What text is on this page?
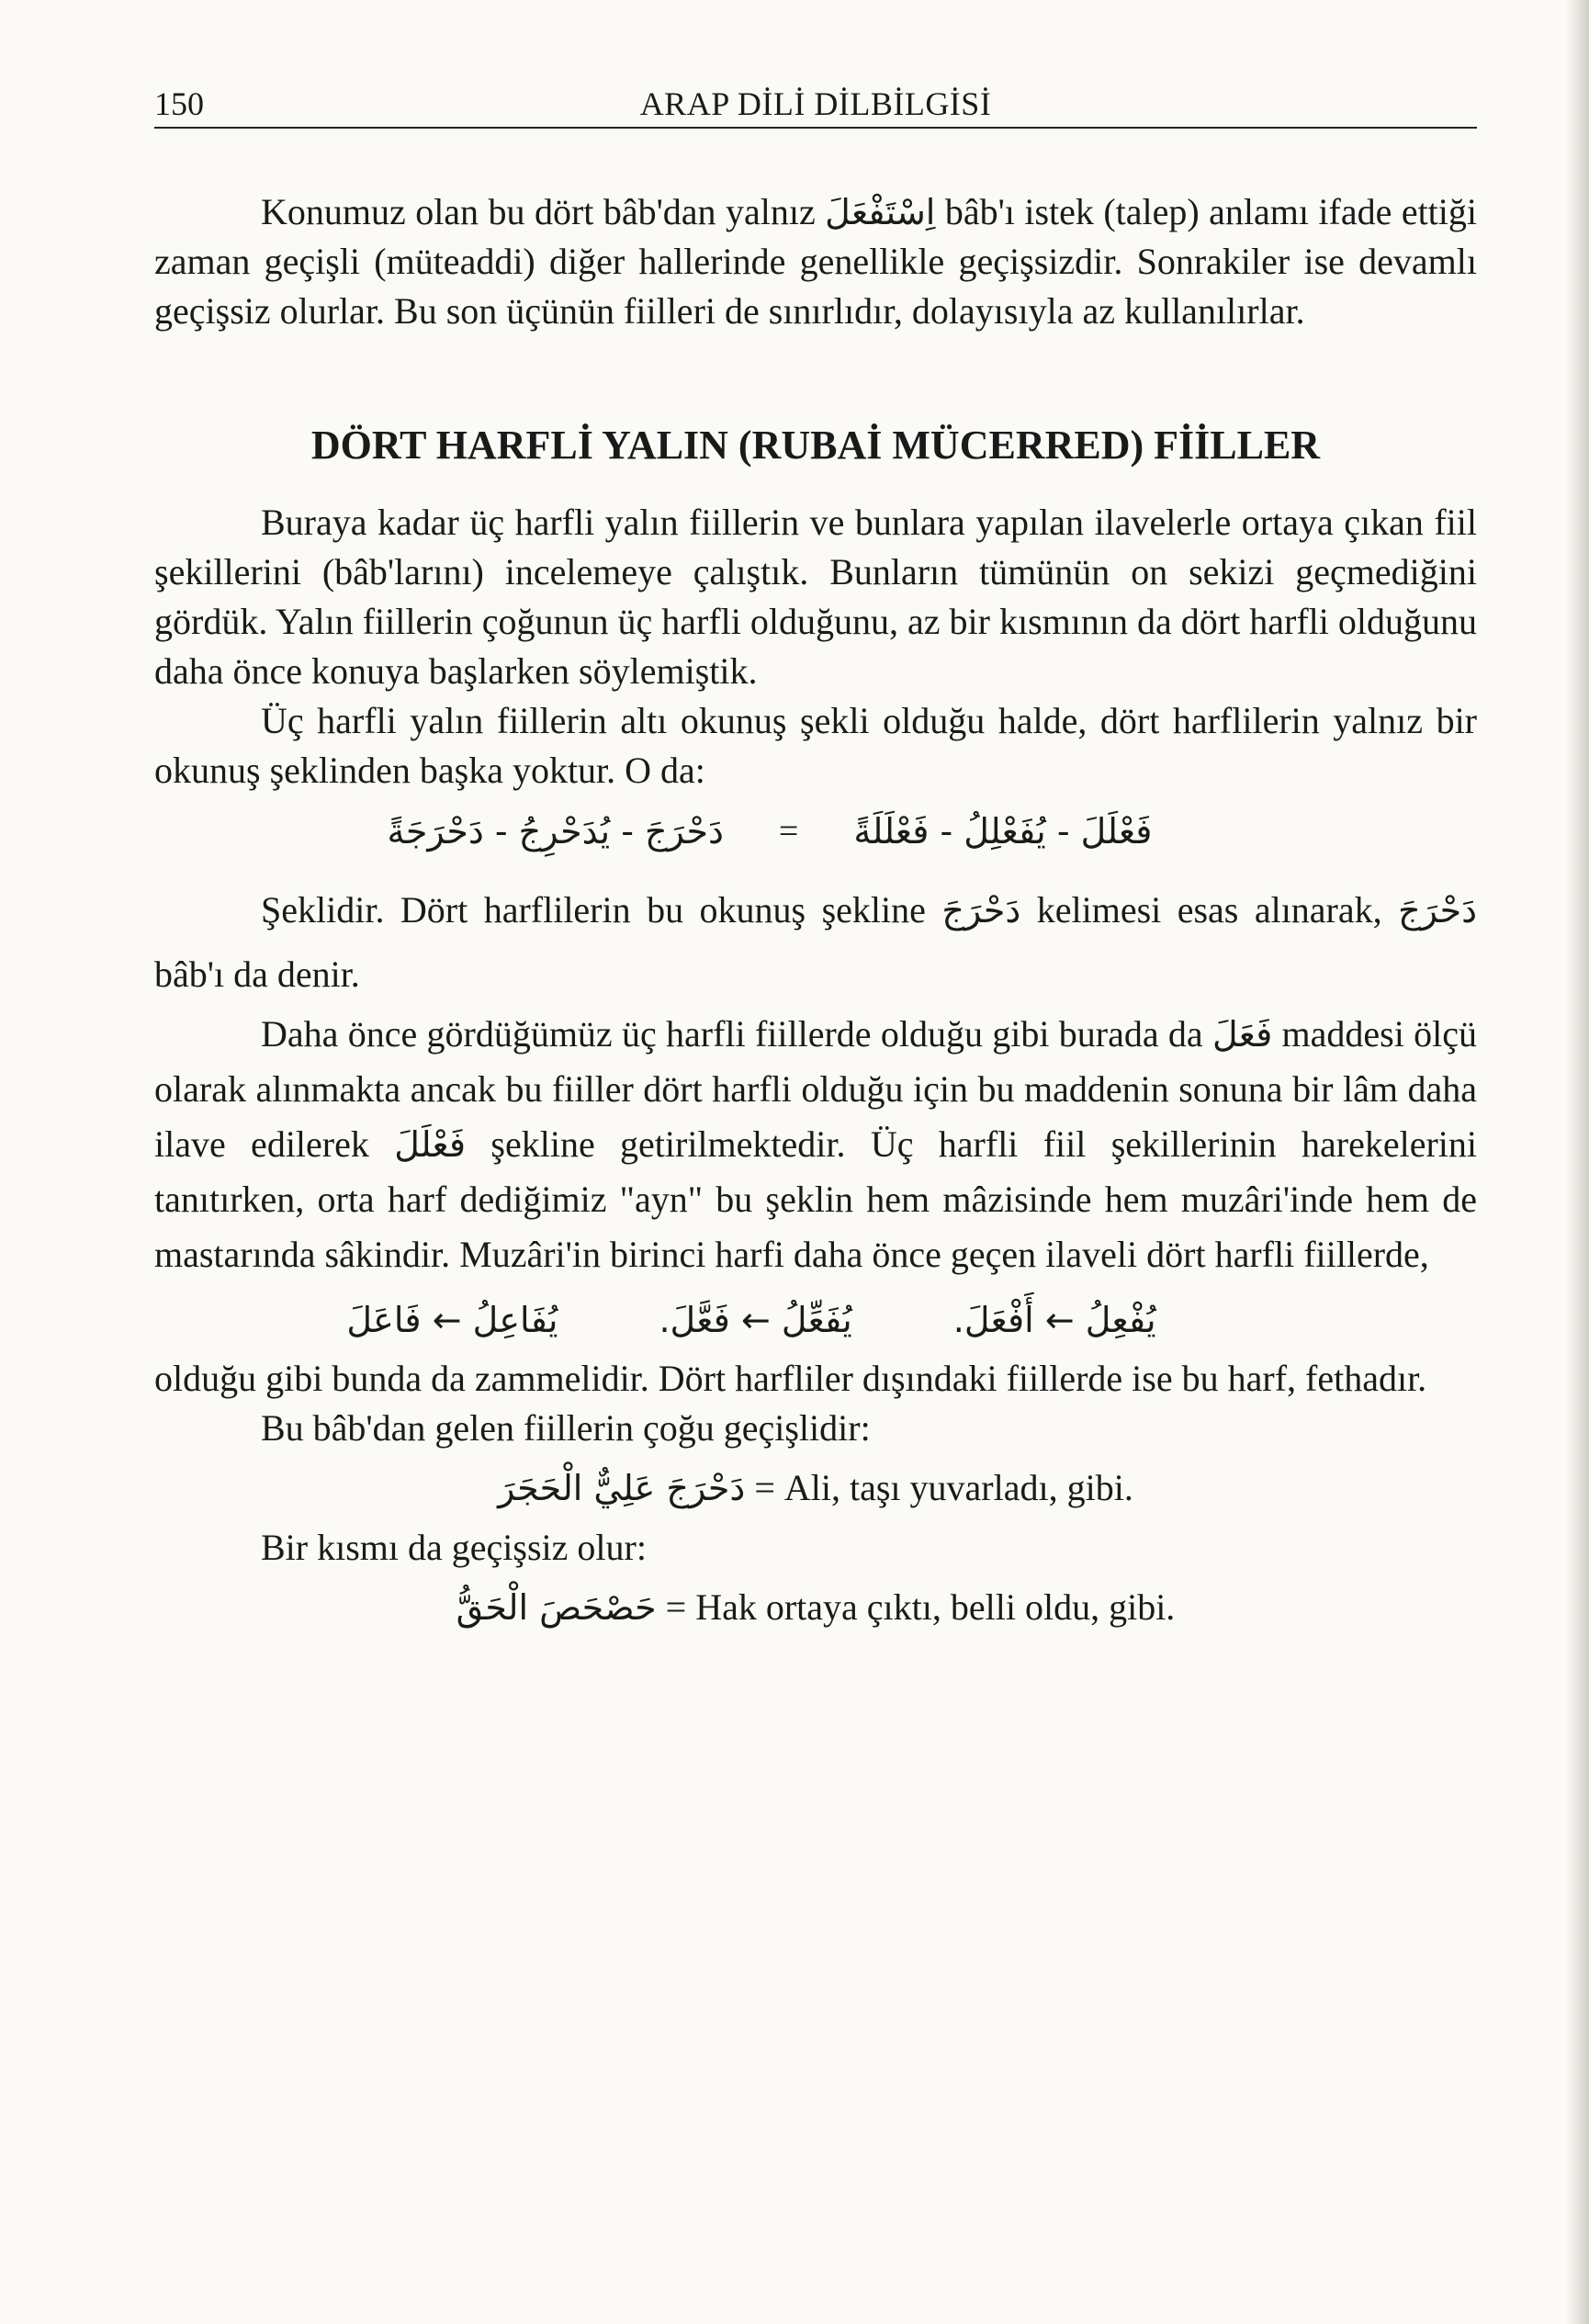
150	ARAP DİLİ DİLBİLGİSİ

Konumuz olan bu dört bâb'dan yalnız اِسْتَفْعَلَ bâb'ı istek (talep) anlamı ifade ettiği zaman geçişli (müteaddi) diğer hallerinde genellikle geçişsizdir. Sonrakiler ise devamlı geçişsiz olurlar. Bu son üçünün fiilleri de sınırlıdır, dolayısıyla az kullanılırlar.

DÖRT HARFLİ YALIN (RUBAİ MÜCERRED) FİİLLER

Buraya kadar üç harfli yalın fiillerin ve bunlara yapılan ilavelerle ortaya çıkan fiil şekillerini (bâb'larını) incelemeye çalıştık. Bunların tümünün on sekizi geçmediğini gördük. Yalın fiillerin çoğunun üç harfli olduğunu, az bir kısmının da dört harfli olduğunu daha önce konuya başlarken söylemiştik.

Üç harfli yalın fiillerin altı okunuş şekli olduğu halde, dört harflilerin yalnız bir okunuş şeklinden başka yoktur. O da:

فَعْلَلَ - يُفَعْلِلُ - فَعْلَلَةً
=
دَحْرَجَ - يُدَحْرِجُ - دَحْرَجَةً

Şeklidir. Dört harflilerin bu okunuş şekline دَحْرَجَ kelimesi esas alınarak, دَحْرَجَ bâb'ı da denir.

Daha önce gördüğümüz üç harfli fiillerde olduğu gibi burada da فَعَلَ maddesi ölçü olarak alınmakta ancak bu fiiller dört harfli olduğu için bu maddenin sonuna bir lâm daha ilave edilerek فَعْلَلَ şekline getirilmektedir. Üç harfli fiil şekillerinin harekelerini tanıtırken, orta harf dediğimiz "ayn" bu şeklin hem mâzisinde hem muzâri'inde hem de mastarında sâkindir. Muzâri'in birinci harfi daha önce geçen ilaveli dört harfli fiillerde,

يُفْعِلُ ← أَفْعَلَ.
يُفَعِّلُ ← فَعَّلَ.
يُفَاعِلُ ← فَاعَلَ

olduğu gibi bunda da zammelidir. Dört harfliler dışındaki fiillerde ise bu harf, fethadır.

Bu bâb'dan gelen fiillerin çoğu geçişlidir:

دَحْرَجَ عَلِيٌّ الْحَجَرَ = Ali, taşı yuvarladı, gibi.

Bir kısmı da geçişsiz olur:

حَصْحَصَ الْحَقُّ = Hak ortaya çıktı, belli oldu, gibi.
